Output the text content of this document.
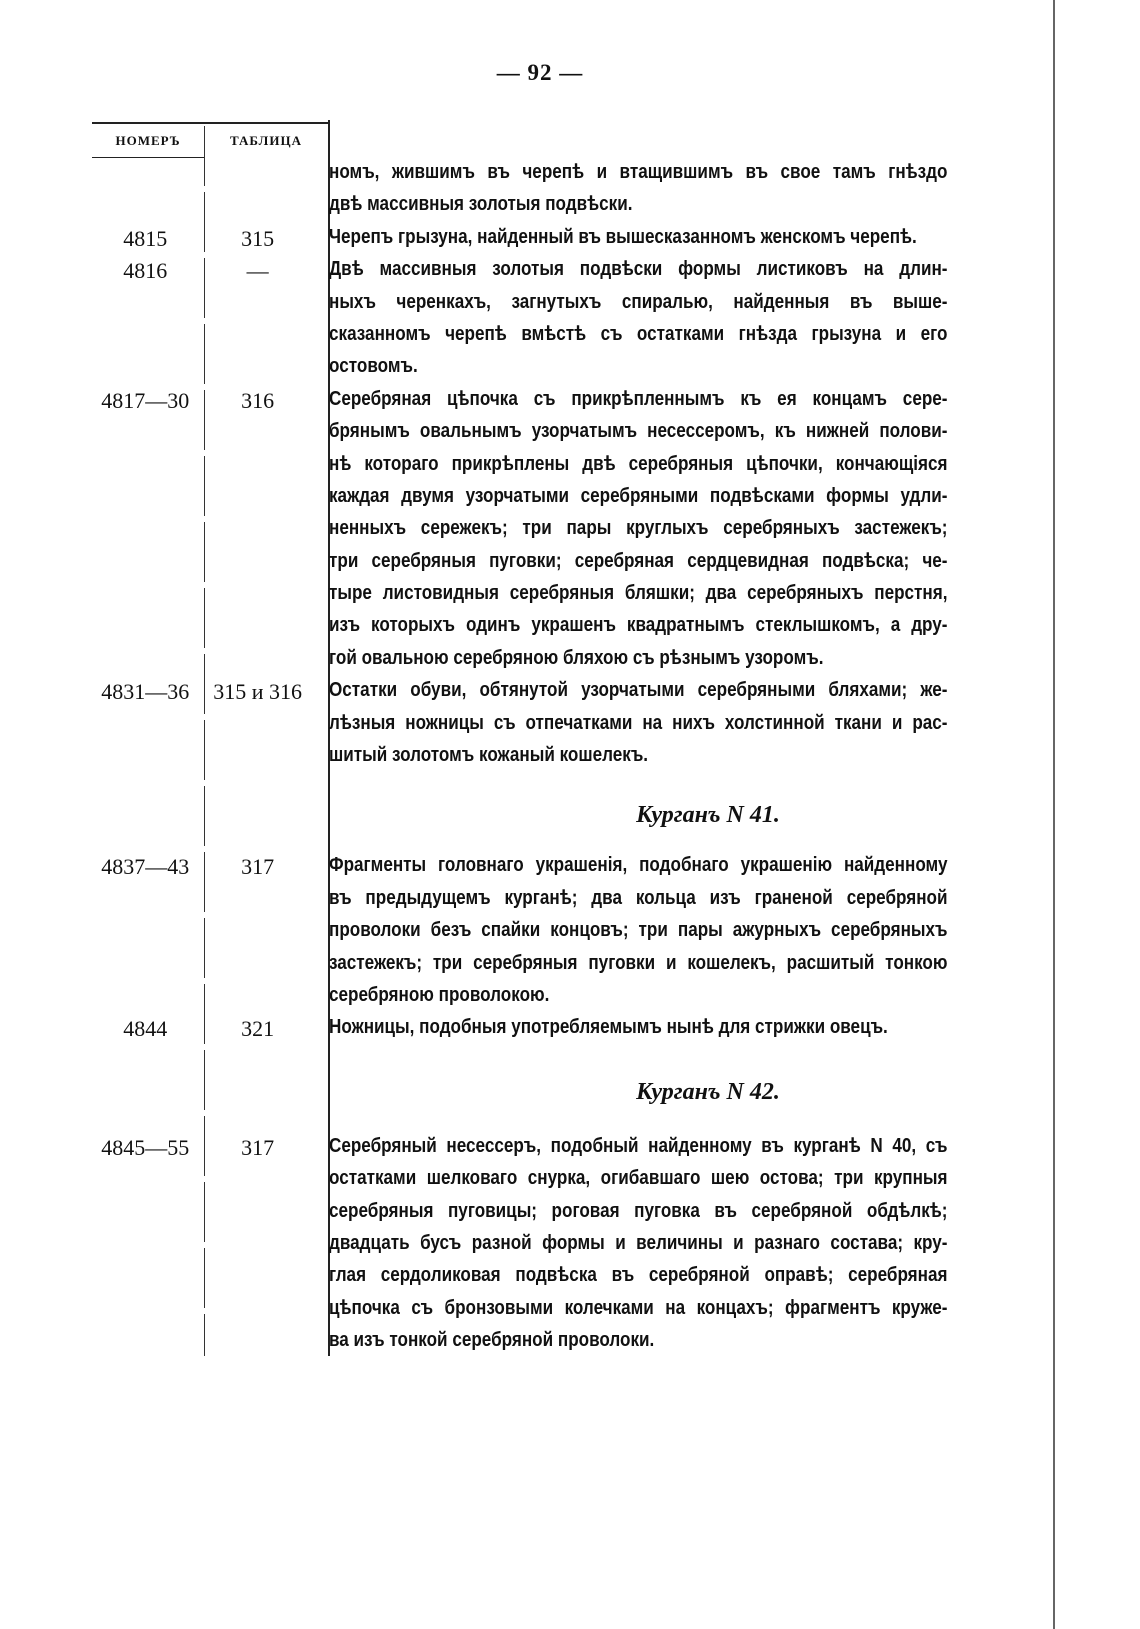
— 92 —
НОМЕРЪ	ТАБЛИЦА
номъ, жившимъ въ черепѣ и втащившимъ въ свое тамъ гнѣздо
двѣ массивныя золотыя подвѣски.
4815	315	Черепъ грызуна, найденный въ вышесказанномъ женскомъ черепѣ.
4816	—	Двѣ массивныя золотыя подвѣски формы листиковъ на длин-
ныхъ черенкахъ, загнутыхъ спиралью, найденныя въ выше-
сказанномъ черепѣ вмѣстѣ съ остатками гнѣзда грызуна и его
остовомъ.
4817—30	316	Серебряная цѣпочка съ прикрѣпленнымъ къ ея концамъ сере-
брянымъ овальнымъ узорчатымъ несессеромъ, къ нижней полови-
нѣ котораго прикрѣплены двѣ серебряныя цѣпочки, кончающіяся
каждая двумя узорчатыми серебряными подвѣсками формы удли-
ненныхъ сережекъ; три пары круглыхъ серебряныхъ застежекъ;
три серебряныя пуговки; серебряная сердцевидная подвѣска; че-
тыре листовидныя серебряныя бляшки; два серебряныхъ перстня,
изъ которыхъ одинъ украшенъ квадратнымъ стеклышкомъ, а дру-
гой овальною серебряною бляхою съ рѣзнымъ узоромъ.
4831—36	315 и 316	Остатки обуви, обтянутой узорчатыми серебряными бляхами; же-
лѣзныя ножницы съ отпечатками на нихъ холстинной ткани и рас-
шитый золотомъ кожаный кошелекъ.
Курганъ N 41.
4837—43	317	Фрагменты головнаго украшенія, подобнаго украшенію найденному
въ предыдущемъ курганѣ; два кольца изъ граненой серебряной
проволоки безъ спайки концовъ; три пары ажурныхъ серебряныхъ
застежекъ; три серебряныя пуговки и кошелекъ, расшитый тонкою
серебряною проволокою.
4844	321	Ножницы, подобныя употребляемымъ нынѣ для стрижки овецъ.
Курганъ N 42.
4845—55	317	Серебряный несессеръ, подобный найденному въ курганѣ N 40, съ
остатками шелковаго снурка, огибавшаго шею остова; три крупныя
серебряныя пуговицы; роговая пуговка въ серебряной обдѣлкѣ;
двадцать бусъ разной формы и величины и разнаго состава; кру-
глая сердоликовая подвѣска въ серебряной оправѣ; серебряная
цѣпочка съ бронзовыми колечками на концахъ; фрагментъ круже-
ва изъ тонкой серебряной проволоки.
